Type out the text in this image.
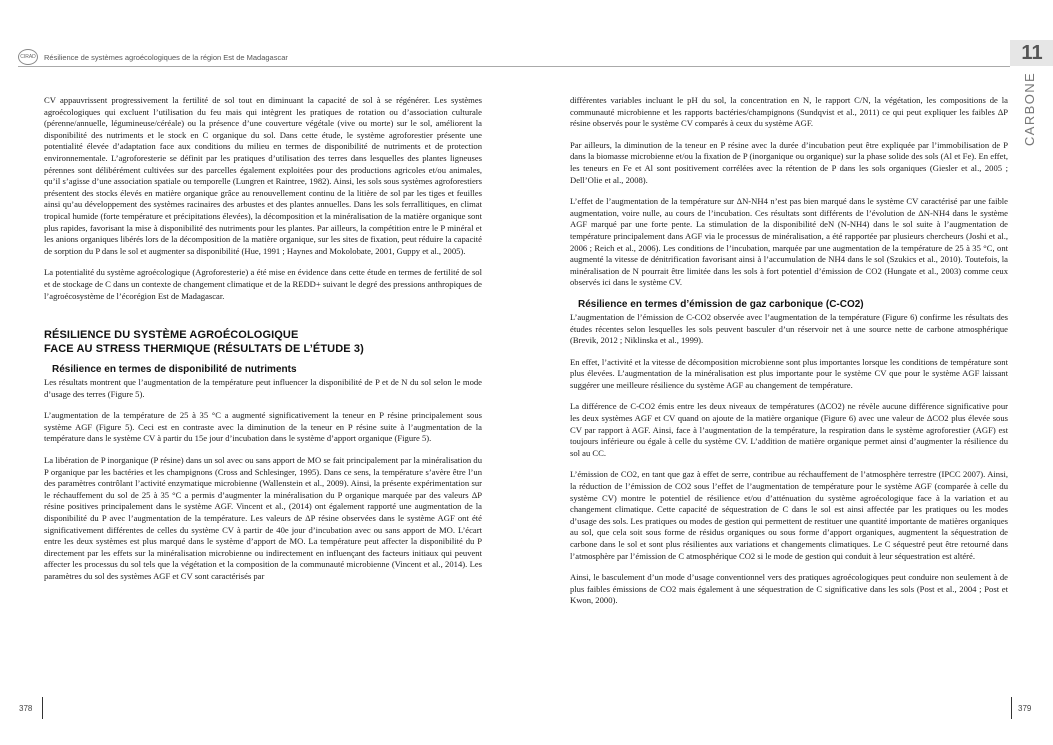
CIRAD Résilience de systèmes agroécologiques de la région Est de Madagascar	11
CARBONE

CV appauvrissent progressivement la fertilité de sol tout en diminuant la capacité de sol à se régénérer. Les systèmes agroécologiques qui excluent l’utilisation du feu mais qui intègrent les pratiques de rotation ou d’association culturale (pérenne/annuelle, légumineuse/céréale) ou la présence d’une couverture végétale (vive ou morte) sur le sol, améliorent la disponibilité des nutriments et le stock en C organique du sol. Dans cette étude, le système agroforestier présente une potentialité élevée d’adaptation face aux conditions du milieu en termes de disponibilité de nutriments et de protection environnementale. L’agroforesterie se définit par les pratiques d’utilisation des terres dans lesquelles des plantes ligneuses pérennes sont délibérément cultivées sur des parcelles également exploitées pour des productions agricoles et/ou animales, qu’il s’agisse d’une association spatiale ou temporelle (Lungren et Raintree, 1982). Ainsi, les sols sous systèmes agroforestiers présentent des stocks élevés en matière organique grâce au renouvellement continu de la litière de sol par les tiges et feuilles ainsi qu’au développement des systèmes racinaires des arbustes et des plantes annuelles. Dans les sols ferrallitiques, en climat tropical humide (forte température et précipitations élevées), la décomposition et la minéralisation de la matière organique sont plus rapides, favorisant la mise à disponibilité des nutriments pour les plantes. Par ailleurs, la compétition entre le P minéral et les anions organiques libérés lors de la décomposition de la matière organique, sur les sites de fixation, peut réduire la capacité de sorption du P dans le sol et augmenter sa disponibilité (Hue, 1991 ; Haynes and Mokolobate, 2001, Guppy et al., 2005).

La potentialité du système agroécologique (Agroforesterie) a été mise en évidence dans cette étude en termes de fertilité de sol et de stockage de C dans un contexte de changement climatique et de la REDD+ suivant le degré des pressions anthropiques de l’agroécosystème de l’écorégion Est de Madagascar.

RÉSILIENCE DU SYSTÈME AGROÉCOLOGIQUE
FACE AU STRESS THERMIQUE (RÉSULTATS DE L’ÉTUDE 3)
Résilience en termes de disponibilité de nutriments

Les résultats montrent que l’augmentation de la température peut influencer la disponibilité de P et de N du sol selon le mode d’usage des terres (Figure 5).

L’augmentation de la température de 25 à 35 °C a augmenté significativement la teneur en P résine principalement sous système AGF (Figure 5). Ceci est en contraste avec la diminution de la teneur en P résine suite à l’augmentation de la température dans le système CV à partir du 15e jour d’incubation dans le système d’apport organique (Figure 5).

La libération de P inorganique (P résine) dans un sol avec ou sans apport de MO se fait principalement par la minéralisation du P organique par les bactéries et les champignons (Cross and Schlesinger, 1995). Dans ce sens, la température s’avère être l’un des paramètres contrôlant l’activité enzymatique microbienne (Wallenstein et al., 2009). Ainsi, la présente expérimentation sur le réchauffement du sol de 25 à 35 °C a permis d’augmenter la minéralisation du P organique marquée par des valeurs ΔP résine positives principalement dans le système AGF. Vincent et al., (2014) ont également rapporté une augmentation de la disponibilité du P avec l’augmentation de la température. Les valeurs de ΔP résine observées dans le système AGF ont été significativement différentes de celles du système CV à partir de 40e jour d’incubation avec ou sans apport de MO. L’écart entre les deux systèmes est plus marqué dans le système d’apport de MO. La température peut affecter la disponibilité du P directement par les effets sur la minéralisation microbienne ou indirectement en influençant des facteurs initiaux qui peuvent affecter les processus du sol tels que la végétation et la composition de la communauté microbienne (Vincent et al., 2014). Les paramètres du sol des systèmes AGF et CV sont caractérisés par

différentes variables incluant le pH du sol, la concentration en N, le rapport C/N, la végétation, les compositions de la communauté microbienne et les rapports bactéries/champignons (Sundqvist et al., 2011) ce qui peut expliquer les faibles ΔP résine observés pour le système CV comparés à ceux du système AGF.

Par ailleurs, la diminution de la teneur en P résine avec la durée d’incubation peut être expliquée par l’immobilisation de P dans la biomasse microbienne et/ou la fixation de P (inorganique ou organique) sur la phase solide des sols (Al et Fe). En effet, les teneurs en Fe et Al sont positivement corrélées avec la rétention de P dans les sols organiques (Giesler et al., 2005 ; Dell’Olie et al., 2008).

L’effet de l’augmentation de la température sur ΔN-NH4 n’est pas bien marqué dans le système CV caractérisé par une faible augmentation, voire nulle, au cours de l’incubation. Ces résultats sont différents de l’évolution de ΔN-NH4 dans le système AGF marqué par une forte pente. La stimulation de la disponibilité deN (N-NH4) dans le sol suite à l’augmentation de température principalement dans AGF via le processus de minéralisation, a été rapportée par plusieurs chercheurs (Joshi et al., 2006 ; Reich et al., 2006). Les conditions de l’incubation, marquée par une augmentation de la température de 25 à 35 °C, ont augmenté la vitesse de dénitrification favorisant ainsi à l’accumulation de NH4 dans le sol (Szukics et al., 2010). Toutefois, la minéralisation de N pourrait être limitée dans les sols à fort potentiel d’émission de CO2 (Hungate et al., 2003) comme ceux observés ici dans le système CV.

Résilience en termes d’émission de gaz carbonique (C-CO2)

L’augmentation de l’émission de C-CO2 observée avec l’augmentation de la température (Figure 6) confirme les résultats des études récentes selon lesquelles les sols peuvent basculer d’un réservoir net à une source nette de carbone atmosphérique (Brevik, 2012 ; Niklinska et al., 1999).

En effet, l’activité et la vitesse de décomposition microbienne sont plus importantes lorsque les conditions de température sont plus élevées. L’augmentation de la minéralisation est plus importante pour le système CV que pour le système AGF laissant suggérer une meilleure résilience du système AGF au changement de température.

La différence de C-CO2 émis entre les deux niveaux de températures (ΔCO2) ne révèle aucune différence significative pour les deux systèmes AGF et CV quand on ajoute de la matière organique (Figure 6) avec une valeur de ΔCO2 plus élevée sous CV par rapport à AGF. Ainsi, face à l’augmentation de la température, la respiration dans le système agroforestier (AGF) est toujours inférieure ou égale à celle du système CV. L’addition de matière organique permet ainsi d’augmenter la résilience du sol au CC.

L’émission de CO2, en tant que gaz à effet de serre, contribue au réchauffement de l’atmosphère terrestre (IPCC 2007). Ainsi, la réduction de l’émission de CO2 sous l’effet de l’augmentation de température pour le système AGF (comparée à celle du système CV) montre le potentiel de résilience et/ou d’atténuation du système agroécologique face à la variation et au changement climatique. Cette capacité de séquestration de C dans le sol est ainsi affectée par les pratiques ou les modes d’usage des sols. Les pratiques ou modes de gestion qui permettent de restituer une quantité importante de matières organiques au sol, que cela soit sous forme de résidus organiques ou sous forme d’apport organiques, augmentent la séquestration de carbone dans le sol et sont plus résilientes aux variations et changements climatiques. Le C séquestré peut être retourné dans l’atmosphère par l’émission de C atmosphérique CO2 si le mode de gestion qui conduit à leur séquestration est altéré.

Ainsi, le basculement d’un mode d’usage conventionnel vers des pratiques agroécologiques peut conduire non seulement à de plus faibles émissions de CO2 mais également à une séquestration de C significative dans les sols (Post et al., 2004 ; Post et Kwon, 2000).

378	379
